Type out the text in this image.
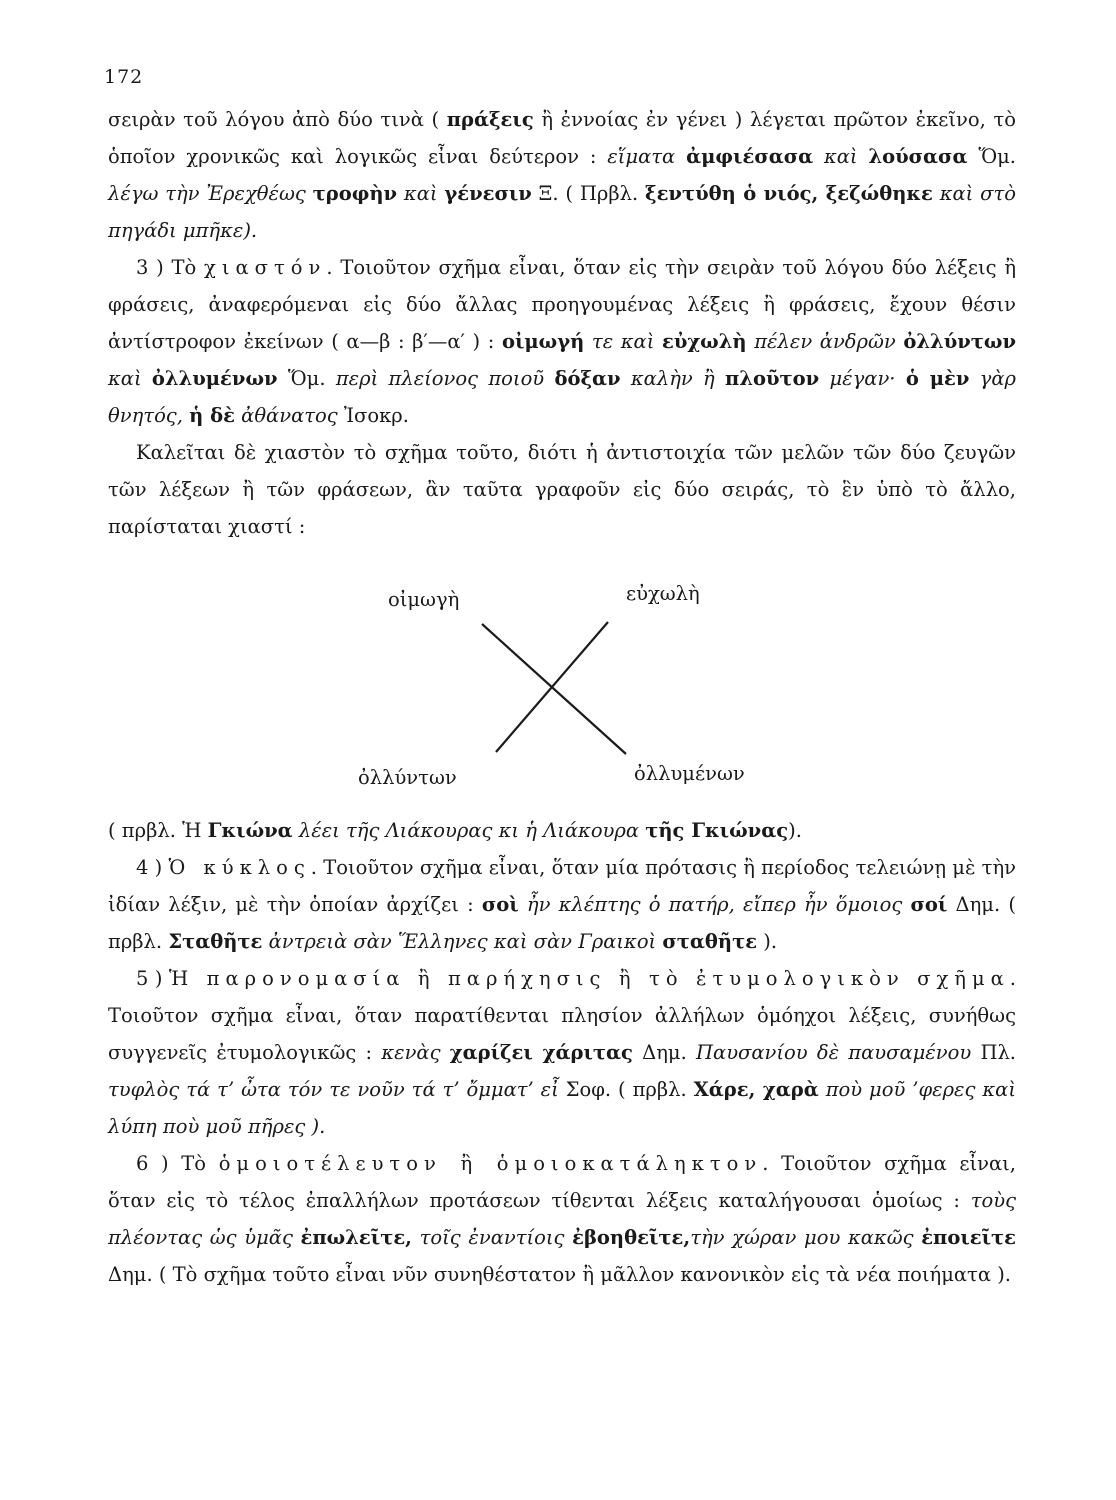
172

σειρὰν τοῦ λόγου ἀπὸ δύο τινὰ ( πράξεις ἢ ἐννοίας ἐν γένει ) λέγεται πρῶτον ἐκεῖνο, τὸ ὁποῖον χρονικῶς καὶ λογικῶς εἶναι δεύτερον : εἵματα ἀμφιέσασα καὶ λούσασα Ὅμ. λέγω τὴν Ἐρεχθέως τροφὴν καὶ γένεσιν Ξ. ( Πρβλ. ξεντύθη ὁ νιός, ξεζώθηκε καὶ στὸ πηγάδι μπῆκε).

3 ) Τὸ χιαστόν. Τοιοῦτον σχῆμα εἶναι, ὅταν εἰς τὴν σειρὰν τοῦ λόγου δύο λέξεις ἢ φράσεις, ἀναφερόμεναι εἰς δύο ἄλλας προηγουμένας λέξεις ἢ φράσεις, ἔχουν θέσιν ἀντίστροφον ἐκείνων ( α—β : β′—α′ ) : οἰμωγή τε καὶ εὐχωλὴ πέλεν ἀνδρῶν ὀλλύντων καὶ ὀλλυμένων Ὅμ. περὶ πλείονος ποιοῦ δόξαν καλὴν ἢ πλοῦτον μέγαν· ὁ μὲν γὰρ θνητός, ἡ δὲ ἀθάνατος Ἰσοκρ.

Καλεῖται δὲ χιαστὸν τὸ σχῆμα τοῦτο, διότι ἡ ἀντιστοιχία τῶν μελῶν τῶν δύο ζευγῶν τῶν λέξεων ἢ τῶν φράσεων, ἂν ταῦτα γραφοῦν εἰς δύο σειράς, τὸ ἓν ὑπὸ τὸ ἄλλο, παρίσταται χιαστί :

οἰμωγὴ	εὐχωλὴ
ὀλλύντων	ὀλλυμένων

( πρβλ. Ἡ Γκιώνα λέει τῆς Λιάκουρας κι ἡ Λιάκουρα τῆς Γκιώνας).

4 ) Ὁ κύκλος. Τοιοῦτον σχῆμα εἶναι, ὅταν μία πρότασις ἢ περίοδος τελειώνῃ μὲ τὴν ἰδίαν λέξιν, μὲ τὴν ὁποίαν ἀρχίζει : σοὶ ἦν κλέπτης ὁ πατήρ, εἴπερ ἦν ὅμοιος σοί Δημ. ( πρβλ. Σταθῆτε ἀντρειὰ σὰν Ἕλληνες καὶ σὰν Γραικοὶ σταθῆτε ).

5 ) Ἡ παρονομασία ἢ παρήχησις ἢ τὸ ἐτυμολογικὸν σχῆμα. Τοιοῦτον σχῆμα εἶναι, ὅταν παρατίθενται πλησίον ἀλλήλων ὁμόηχοι λέξεις, συνήθως συγγενεῖς ἐτυμολογικῶς : κενὰς χαρίζει χάριτας Δημ. Παυσανίου δὲ παυσαμένου Πλ. τυφλὸς τά τ’ ὦτα τόν τε νοῦν τά τ’ ὄμματ’ εἶ Σοφ. ( πρβλ. Χάρε, χαρὰ ποὺ μοῦ ’φερες καὶ λύπη ποὺ μοῦ πῆρες ).

6 ) Τὸ ὁμοιοτέλευτον ἢ ὁμοιοκατάληκτον. Τοιοῦτον σχῆμα εἶναι, ὅταν εἰς τὸ τέλος ἐπαλλήλων προτάσεων τίθενται λέξεις καταλήγουσαι ὁμοίως : τοὺς πλέοντας ὡς ὑμᾶς ἐπωλεῖτε, τοῖς ἐναντίοις ἐβοηθεῖτε,τὴν χώραν μου κακῶς ἐποιεῖτε Δημ. ( Τὸ σχῆμα τοῦτο εἶναι νῦν συνηθέστατον ἢ μᾶλλον κανονικὸν εἰς τὰ νέα ποιήματα ).
